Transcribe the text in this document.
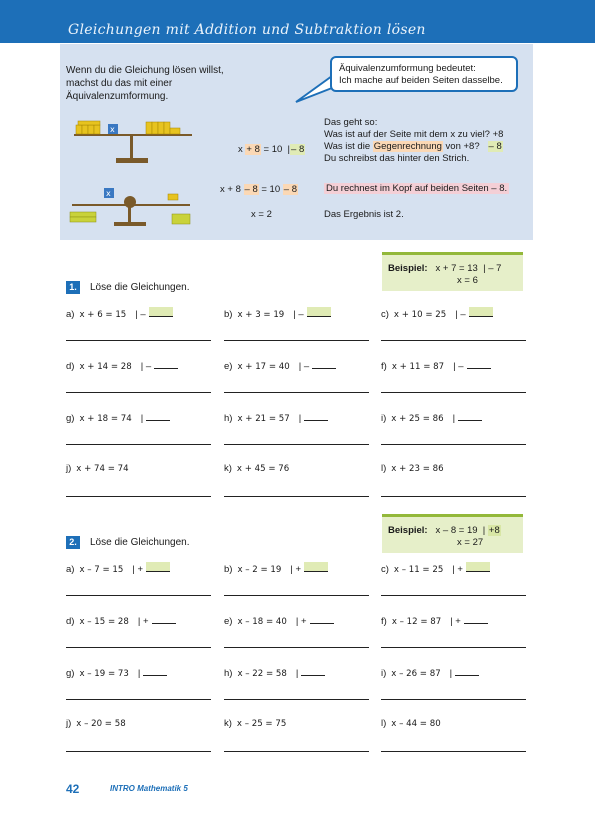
Gleichungen mit Addition und Subtraktion lösen
Wenn du die Gleichung lösen willst,
machst du das mit einer
Äquivalenzumformung.
Äquivalenzumformung bedeutet:
Ich mache auf beiden Seiten dasselbe.
x
x
x + 8 = 10  |– 8
x + 8 – 8 = 10 – 8
x = 2
Das geht so:
Was ist auf der Seite mit dem x zu viel? +8
Was ist die Gegenrechnung von +8? – 8
Du schreibst das hinter den Strich.
Du rechnest im Kopf auf beiden Seiten – 8.
Das Ergebnis ist 2.
Beispiel: x + 7 = 13  | – 7
x = 6
1. Löse die Gleichungen.
a) x + 6 = 15 | –	b) x + 3 = 19 | –	c) x + 10 = 25 | –
d) x + 14 = 28 | –	e) x + 17 = 40 | –	f) x + 11 = 87 | –
g) x + 18 = 74 |	h) x + 21 = 57 |	i) x + 25 = 86 |
j) x + 74 = 74	k) x + 45 = 76	l) x + 23 = 86
Beispiel: x – 8 = 19  | +8
x = 27
2. Löse die Gleichungen.
a) x – 7 = 15 | +	b) x – 2 = 19 | +	c) x – 11 = 25 | +
d) x – 15 = 28 | +	e) x – 18 = 40 | +	f) x – 12 = 87 | +
g) x – 19 = 73 |	h) x – 22 = 58 |	i) x – 26 = 87 |
j) x – 20 = 58	k) x – 25 = 75	l) x – 44 = 80
42	INTRO Mathematik 5
